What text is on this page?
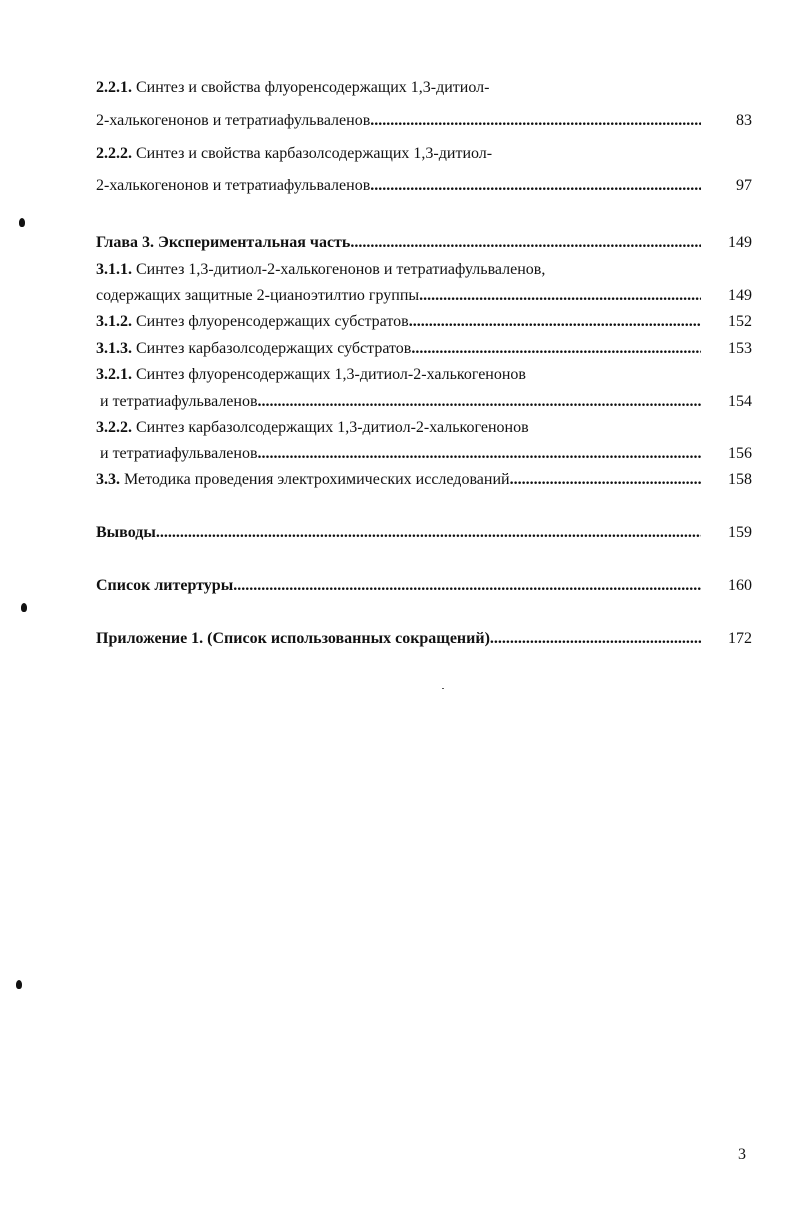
2.2.1. Синтез и свойства флуоренсодержащих 1,3-дитиол-
2-халькогенонов и тетратиафульваленов .....	83
2.2.2. Синтез и свойства карбазолсодержащих 1,3-дитиол-
2-халькогенонов и тетратиафульваленов .....	97
Глава 3. Экспериментальная часть .....	149
3.1.1. Синтез 1,3-дитиол-2-халькогенонов и тетратиафульваленов,
содержащих защитные 2-цианоэтилтио группы .....	149
3.1.2. Синтез флуоренсодержащих субстратов .....	152
3.1.3. Синтез карбазолсодержащих субстратов .....	153
3.2.1. Синтез флуоренсодержащих 1,3-дитиол-2-халькогенонов
и тетратиафульваленов .....	154
3.2.2. Синтез карбазолсодержащих 1,3-дитиол-2-халькогенонов
и тетратиафульваленов .....	156
3.3. Методика проведения электрохимических исследований .....	158
Выводы .....	159
Список литертуры .....	160
Приложение 1. (Список использованных сокращений) .....	172
3
